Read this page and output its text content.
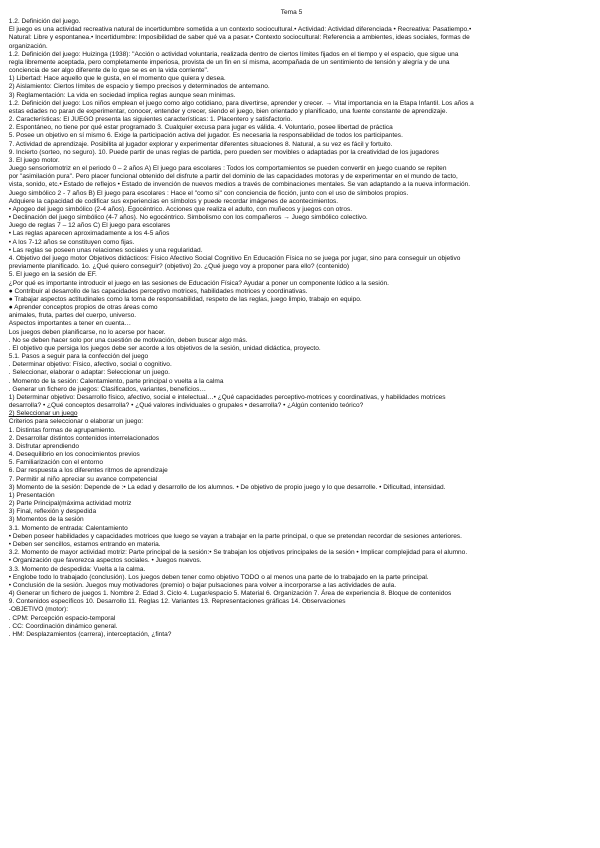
Tema 5
1.2. Definición del juego.
El juego es una actividad recreativa natural de incertidumbre sometida a un contexto sociocultural.• Actividad: Actividad diferenciada • Recreativa: Pasatiempo.•
Natural: Libre y espontanea.• Incertidumbre: Imposibilidad de saber qué va a pasar.• Contexto sociocultural: Referencia a ambientes, ideas sociales, formas de
organización.
1.2. Definición del juego: Huizinga (1938): "Acción o actividad voluntaria, realizada dentro de ciertos límites fijados en el tiempo y el espacio, que sigue una
regla libremente aceptada, pero completamente imperiosa, provista de un fin en sí misma, acompañada de un sentimiento de tensión y alegría y de una
conciencia de ser algo diferente de lo que se es en la vida corriente".
1) Libertad: Hace aquello que le gusta, en el momento que quiera y desea.
2) Aislamiento: Ciertos límites de espacio y tiempo precisos y determinados de antemano.
3) Reglamentación: La vida en sociedad implica reglas aunque sean mínimas.
1.2. Definición del juego: Los niños emplean el juego como algo cotidiano, para divertirse, aprender y crecer. → Vital importancia en la Etapa Infantil. Los años a
estas edades no paran de experimentar, conocer, entender y crecer, siendo el juego, bien orientado y planificado, una fuente constante de aprendizaje.
2. Características: El JUEGO presenta las siguientes características: 1. Placentero y satisfactorio.
2. Espontáneo, no tiene por qué estar programado 3. Cualquier excusa para jugar es válida. 4. Voluntario, posee libertad de práctica
5. Posee un objetivo en sí mismo 6. Exige la participación activa del jugador. Es necesaria la responsabilidad de todos los participantes.
7. Actividad de aprendizaje. Posibilita al jugador explorar y experimentar diferentes situaciones 8. Natural, a su vez es fácil y fortuito.
9. Incierto (sorteo, no seguro). 10. Puede partir de unas reglas de partida, pero pueden ser movibles o adaptadas por la creatividad de los jugadores
3. El juego motor.
Juego sensoriomotriz en el periodo 0 – 2 años A) El juego para escolares : Todos los comportamientos se pueden convertir en juego cuando se repiten
por "asimilación pura". Pero placer funcional obtenido del disfrute a partir del dominio de las capacidades motoras y de experimentar en el mundo de tacto,
vista, sonido, etc.• Estado de reflejos • Estado de invención de nuevos medios a través de combinaciones mentales. Se van adaptando a la nueva información.
Juego simbólico 2 - 7 años B) El juego para escolares : Hace el "como si" con conciencia de ficción, junto con el uso de símbolos propios.
Adquiere la capacidad de codificar sus experiencias en símbolos y puede recordar imágenes de acontecimientos.
• Apogeo del juego simbólico (2-4 años). Egocéntrico. Acciones que realiza el adulto, con muñecos y juegos con otros.
• Declinación del juego simbólico (4-7 años). No egocéntrico. Simbolismo con los compañeros → Juego simbólico colectivo.
Juego de reglas 7 – 12 años C) El juego para escolares
• Las reglas aparecen aproximadamente a los 4-5 años
• A los 7-12 años se constituyen como fijas.
• Las reglas se poseen unas relaciones sociales y una regularidad.
4. Objetivo del juego motor Objetivos didácticos: Físico Afectivo Social Cognitivo En Educación Física no se juega por jugar, sino para conseguir un objetivo
previamente planificado. 1o. ¿Qué quiero conseguir? (objetivo) 2o. ¿Qué juego voy a proponer para ello? (contenido)
5. El juego en la sesión de EF.
¿Por qué es importante introducir el juego en las sesiones de Educación Física? Ayudar a poner un componente lúdico a la sesión.
● Contribuir al desarrollo de las capacidades perceptivo motrices, habilidades motrices y coordinativas.
● Trabajar aspectos actitudinales como la toma de responsabilidad, respeto de las reglas, juego limpio, trabajo en equipo.
● Aprender conceptos propios de otras áreas como
animales, fruta, partes del cuerpo, universo.
Aspectos importantes a tener en cuenta…
Los juegos deben planificarse, no lo acerse por hacer.
. No se deben hacer solo por una cuestión de motivación, deben buscar algo más.
. El objetivo que persiga los juegos debe ser acorde a los objetivos de la sesión, unidad didáctica, proyecto.
5.1. Pasos a seguir para la confección del juego
. Determinar objetivo: Físico, afectivo, social o cognitivo.
. Seleccionar, elaborar o adaptar: Seleccionar un juego.
. Momento de la sesión: Calentamiento, parte principal o vuelta a la calma
. Generar un fichero de juegos: Clasificados, variantes, beneficios…
1) Determinar objetivo: Desarrollo físico, afectivo, social e intelectual…• ¿Qué capacidades perceptivo-motrices y coordinativas, y habilidades motrices
desarrolla? • ¿Qué conceptos desarrolla? • ¿Qué valores individuales o grupales • desarrolla? • ¿Algún contenido teórico?
2) Seleccionar un juego
Criterios para seleccionar o elaborar un juego:
1. Distintas formas de agrupamiento.
2. Desarrollar distintos contenidos interrelacionados
3. Disfrutar aprendiendo
4. Desequilibrio en los conocimientos previos
5. Familiarización con el entorno
6. Dar respuesta a los diferentes ritmos de aprendizaje
7. Permitir al niño apreciar su avance competencial
3) Momento de la sesión: Depende de :• La edad y desarrollo de los alumnos. • De objetivo de propio juego y lo que desarrolle. • Dificultad, intensidad.
1) Presentación
2) Parte Principal(máxima actividad motriz
3) Final, reflexión y despedida
3) Momentos de la sesión
3.1. Momento de entrada: Calentamiento
• Deben poseer habilidades y capacidades motrices que luego se vayan a trabajar en la parte principal, o que se pretendan recordar de sesiones anteriores.
• Deben ser sencillos, estamos entrando en materia.
3.2. Momento de mayor actividad motriz: Parte principal de la sesión:• Se trabajan los objetivos principales de la sesión • Implicar complejidad para el alumno.
• Organización que favorezca aspectos sociales. • Juegos nuevos.
3.3. Momento de despedida: Vuelta a la calma.
• Englobe todo lo trabajado (conclusión). Los juegos deben tener como objetivo TODO o al menos una parte de lo trabajado en la parte principal.
• Conclusión de la sesión. Juegos muy motivadores (premio) o bajar pulsaciones para volver a incorporarse a las actividades de aula.
4) Generar un fichero de juegos 1. Nombre 2. Edad 3. Ciclo 4. Lugar/espacio 5. Material 6. Organización 7. Área de experiencia 8. Bloque de contenidos
9. Contenidos específicos 10. Desarrollo 11. Reglas 12. Variantes 13. Representaciones gráficas 14. Observaciones
-OBJETIVO (motor):
. CPM: Percepción espacio-temporal
. CC: Coordinación dinámico general.
. HM: Desplazamientos (carrera), interceptación, ¿finta?
